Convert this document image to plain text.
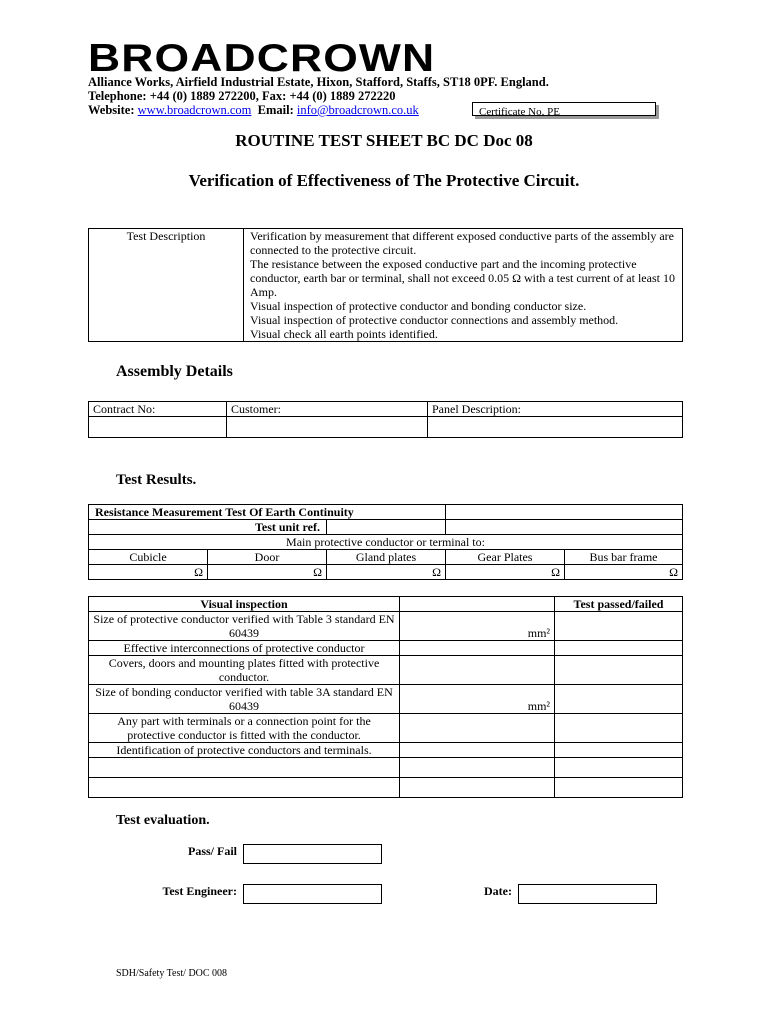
BROADCROWN
Alliance Works, Airfield Industrial Estate, Hixon, Stafford, Staffs, ST18 0PF. England.
Telephone: +44 (0) 1889 272200, Fax: +44 (0) 1889 272220
Website: www.broadcrown.com Email: info@broadcrown.co.uk	Certificate No. PE
ROUTINE TEST SHEET BC DC Doc 08
Verification of Effectiveness of The Protective Circuit.
Test Description	Verification by measurement that different exposed conductive parts of the assembly are connected to the protective circuit.
The resistance between the exposed conductive part and the incoming protective conductor, earth bar or terminal, shall not exceed 0.05 Ω with a test current of at least 10 Amp.
Visual inspection of protective conductor and bonding conductor size.
Visual inspection of protective conductor connections and assembly method.
Visual check all earth points identified.
Assembly Details
Contract No:	Customer:	Panel Description:

Test Results.
Resistance Measurement Test Of Earth Continuity				
Test unit ref.				
Main protective conductor or terminal to:				
Cubicle	Door	Gland plates	Gear Plates	Bus bar frame
Ω	Ω	Ω	Ω	Ω
Visual inspection		Test passed/failed
Size of protective conductor verified with Table 3 standard EN 60439	mm²	
Effective interconnections of protective conductor		
Covers, doors and mounting plates fitted with protective conductor.		
Size of bonding conductor verified with table 3A standard EN 60439	mm²	
Any part with terminals or a connection point for the protective conductor is fitted with the conductor.		
Identification of protective conductors and terminals.		

Test evaluation.
Pass/ Fail
Test Engineer:	Date:
SDH/Safety Test/ DOC 008
